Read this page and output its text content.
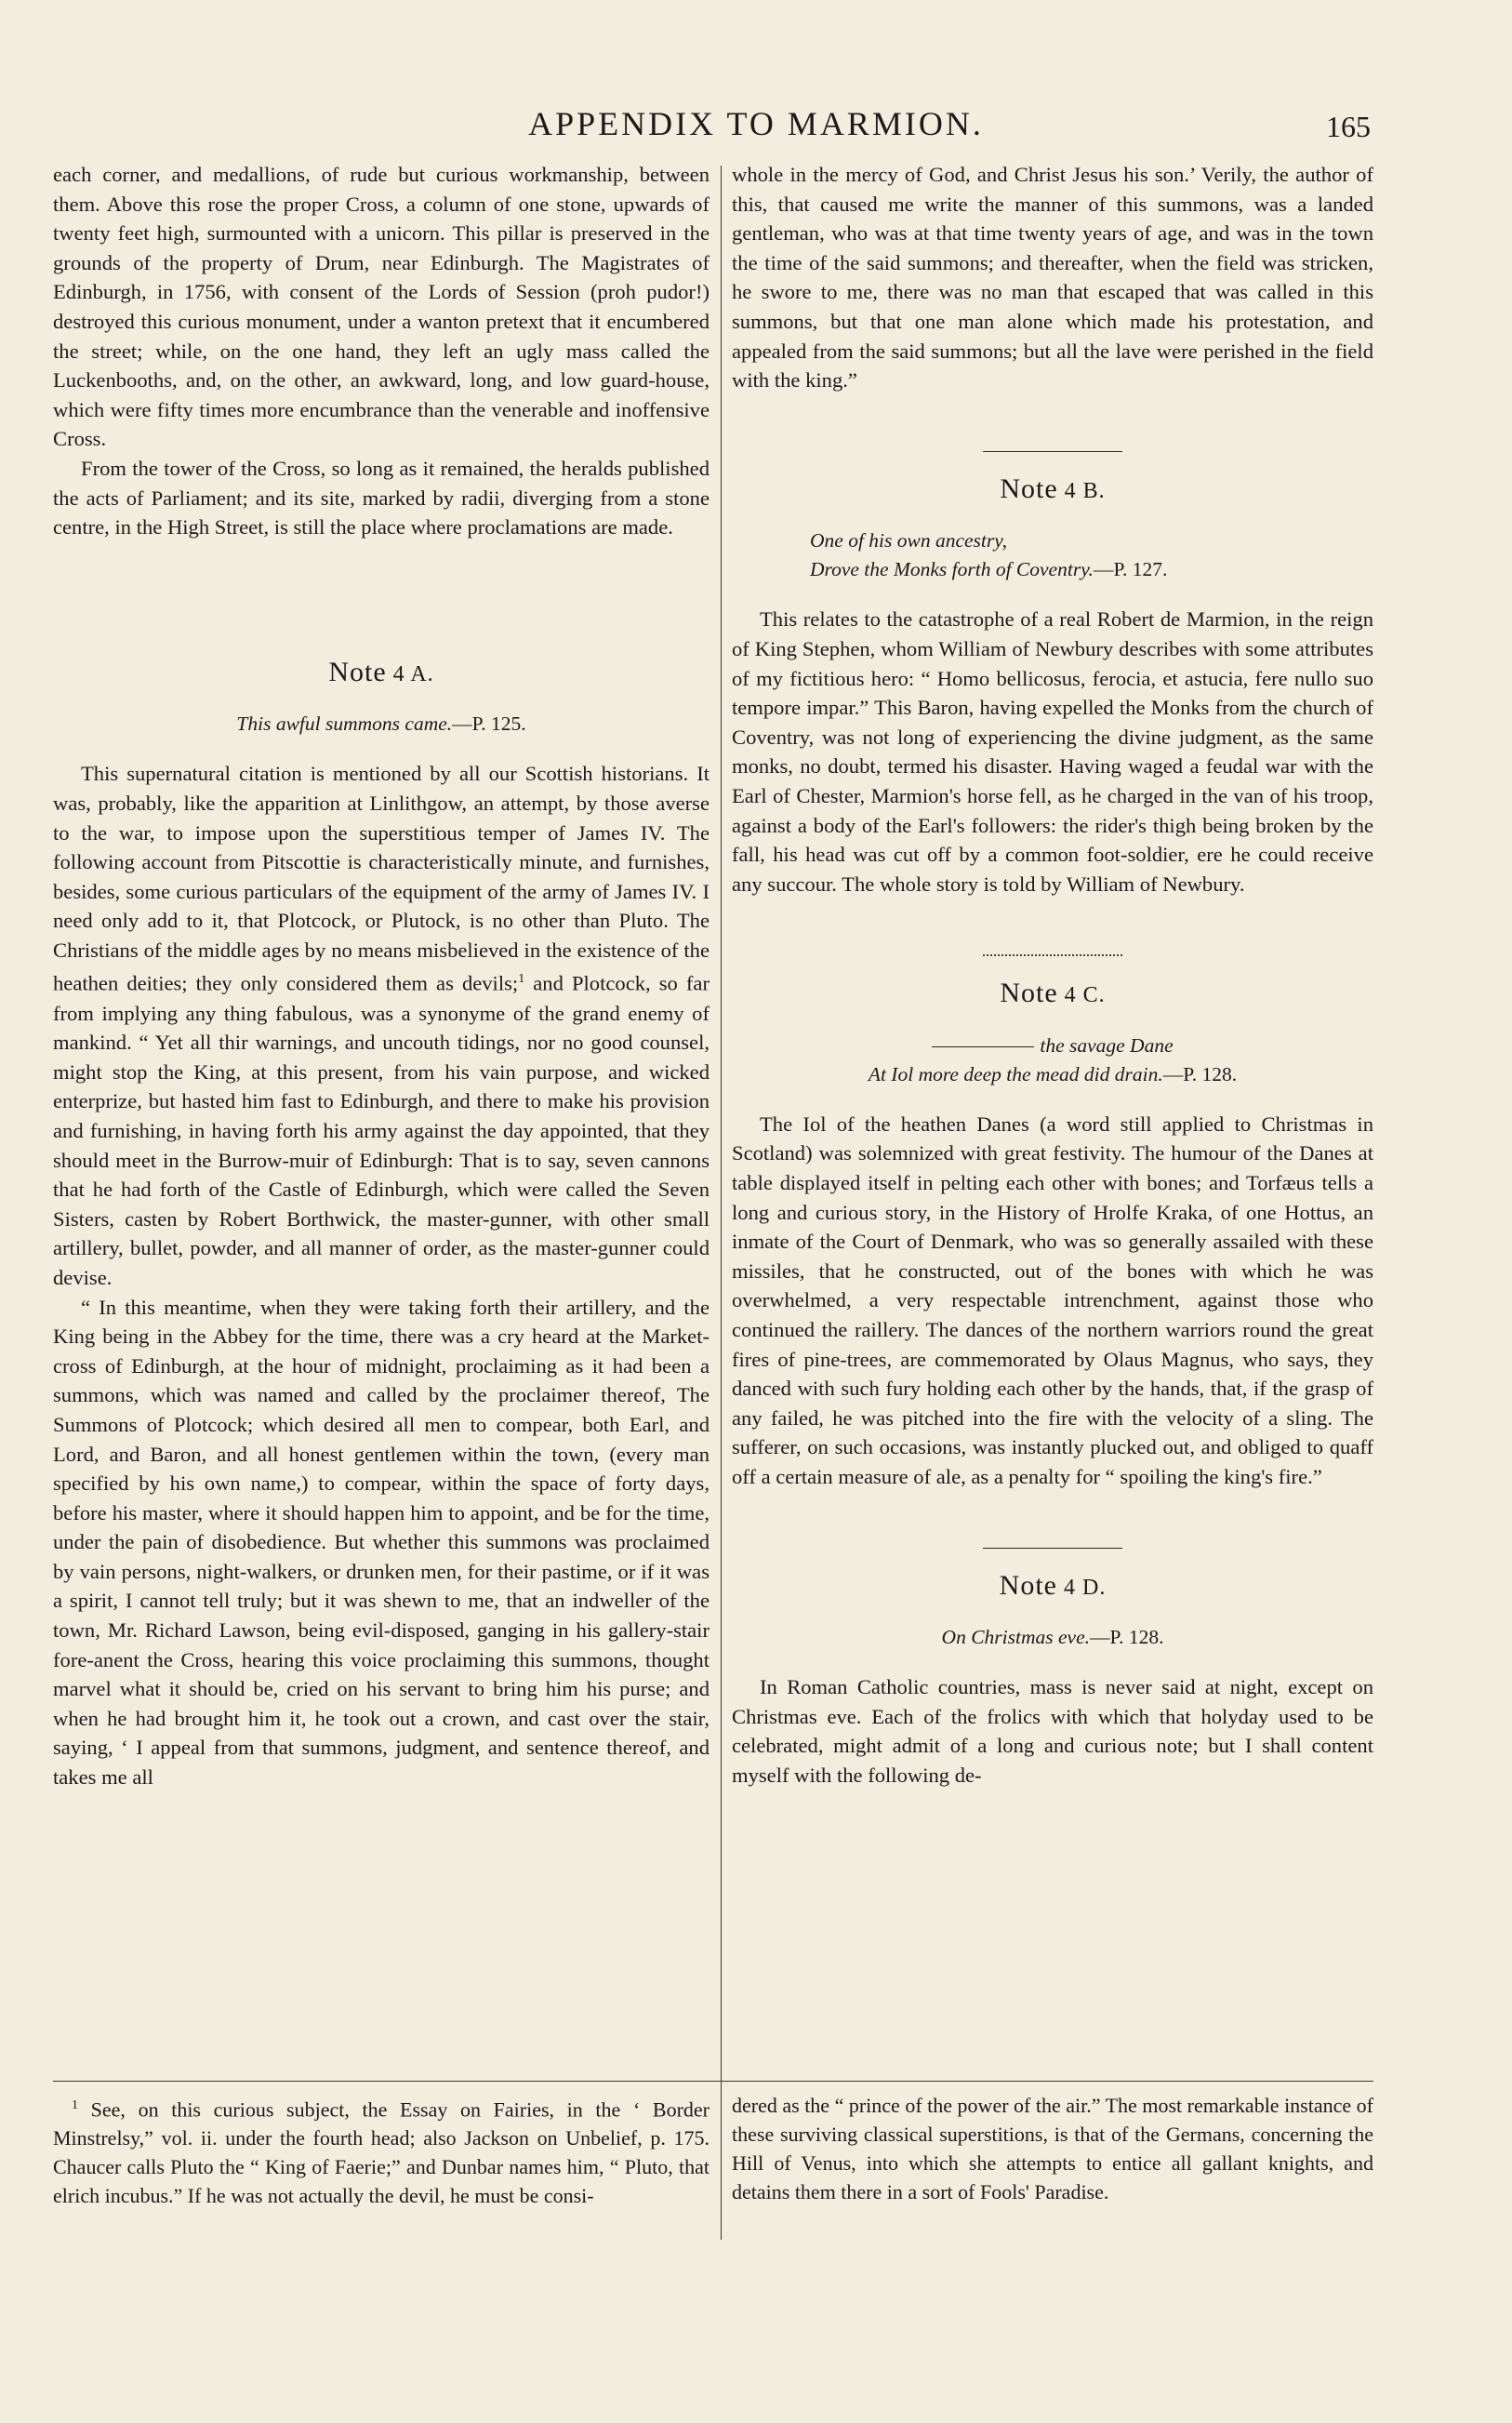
APPENDIX TO MARMION.	165

each corner, and medallions, of rude but curious workmanship, between them. Above this rose the proper Cross, a column of one stone, upwards of twenty feet high, surmounted with a unicorn. This pillar is preserved in the grounds of the property of Drum, near Edinburgh. The Magistrates of Edinburgh, in 1756, with consent of the Lords of Session (proh pudor!) destroyed this curious monument, under a wanton pretext that it encumbered the street; while, on the one hand, they left an ugly mass called the Luckenbooths, and, on the other, an awkward, long, and low guard-house, which were fifty times more encumbrance than the venerable and inoffensive Cross.

From the tower of the Cross, so long as it remained, the heralds published the acts of Parliament; and its site, marked by radii, diverging from a stone centre, in the High Street, is still the place where proclamations are made.

Note 4 A.
This awful summons came.—P. 125.

This supernatural citation is mentioned by all our Scottish historians. It was, probably, like the apparition at Linlithgow, an attempt, by those averse to the war, to impose upon the superstitious temper of James IV. The following account from Pitscottie is characteristically minute, and furnishes, besides, some curious particulars of the equipment of the army of James IV. I need only add to it, that Plotcock, or Plutock, is no other than Pluto. The Christians of the middle ages by no means misbelieved in the existence of the heathen deities; they only considered them as devils;$^1$ and Plotcock, so far from implying any thing fabulous, was a synonyme of the grand enemy of mankind. “ Yet all thir warnings, and uncouth tidings, nor no good counsel, might stop the King, at this present, from his vain purpose, and wicked enterprize, but hasted him fast to Edinburgh, and there to make his provision and furnishing, in having forth his army against the day appointed, that they should meet in the Burrow-muir of Edinburgh: That is to say, seven cannons that he had forth of the Castle of Edinburgh, which were called the Seven Sisters, casten by Robert Borthwick, the master-gunner, with other small artillery, bullet, powder, and all manner of order, as the master-gunner could devise.

“ In this meantime, when they were taking forth their artillery, and the King being in the Abbey for the time, there was a cry heard at the Market-cross of Edinburgh, at the hour of midnight, proclaiming as it had been a summons, which was named and called by the proclaimer thereof, The Summons of Plotcock; which desired all men to compear, both Earl, and Lord, and Baron, and all honest gentlemen within the town, (every man specified by his own name,) to compear, within the space of forty days, before his master, where it should happen him to appoint, and be for the time, under the pain of disobedience. But whether this summons was proclaimed by vain persons, night-walkers, or drunken men, for their pastime, or if it was a spirit, I cannot tell truly; but it was shewn to me, that an indweller of the town, Mr. Richard Lawson, being evil-disposed, ganging in his gallery-stair fore-anent the Cross, hearing this voice proclaiming this summons, thought marvel what it should be, cried on his servant to bring him his purse; and when he had brought him it, he took out a crown, and cast over the stair, saying, ‘ I appeal from that summons, judgment, and sentence thereof, and takes me all

whole in the mercy of God, and Christ Jesus his son.’ Verily, the author of this, that caused me write the manner of this summons, was a landed gentleman, who was at that time twenty years of age, and was in the town the time of the said summons; and thereafter, when the field was stricken, he swore to me, there was no man that escaped that was called in this summons, but that one man alone which made his protestation, and appealed from the said summons; but all the lave were perished in the field with the king.”

Note 4 B.
One of his own ancestry,
Drove the Monks forth of Coventry.—P. 127.

This relates to the catastrophe of a real Robert de Marmion, in the reign of King Stephen, whom William of Newbury describes with some attributes of my fictitious hero: “ Homo bellicosus, ferocia, et astucia, fere nullo suo tempore impar.” This Baron, having expelled the Monks from the church of Coventry, was not long of experiencing the divine judgment, as the same monks, no doubt, termed his disaster. Having waged a feudal war with the Earl of Chester, Marmion's horse fell, as he charged in the van of his troop, against a body of the Earl's followers: the rider's thigh being broken by the fall, his head was cut off by a common foot-soldier, ere he could receive any succour. The whole story is told by William of Newbury.

Note 4 C.
the savage Dane
At Iol more deep the mead did drain.—P. 128.

The Iol of the heathen Danes (a word still applied to Christmas in Scotland) was solemnized with great festivity. The humour of the Danes at table displayed itself in pelting each other with bones; and Torfæus tells a long and curious story, in the History of Hrolfe Kraka, of one Hottus, an inmate of the Court of Denmark, who was so generally assailed with these missiles, that he constructed, out of the bones with which he was overwhelmed, a very respectable intrenchment, against those who continued the raillery. The dances of the northern warriors round the great fires of pine-trees, are commemorated by Olaus Magnus, who says, they danced with such fury holding each other by the hands, that, if the grasp of any failed, he was pitched into the fire with the velocity of a sling. The sufferer, on such occasions, was instantly plucked out, and obliged to quaff off a certain measure of ale, as a penalty for “ spoiling the king's fire.”

Note 4 D.
On Christmas eve.—P. 128.

In Roman Catholic countries, mass is never said at night, except on Christmas eve. Each of the frolics with which that holyday used to be celebrated, might admit of a long and curious note; but I shall content myself with the following de-

$^1$ See, on this curious subject, the Essay on Fairies, in the ‘ Border Minstrelsy,” vol. ii. under the fourth head; also Jackson on Unbelief, p. 175. Chaucer calls Pluto the “ King of Faerie;” and Dunbar names him, “ Pluto, that elrich incubus.” If he was not actually the devil, he must be consi-

dered as the “ prince of the power of the air.” The most remarkable instance of these surviving classical superstitions, is that of the Germans, concerning the Hill of Venus, into which she attempts to entice all gallant knights, and detains them there in a sort of Fools' Paradise.
